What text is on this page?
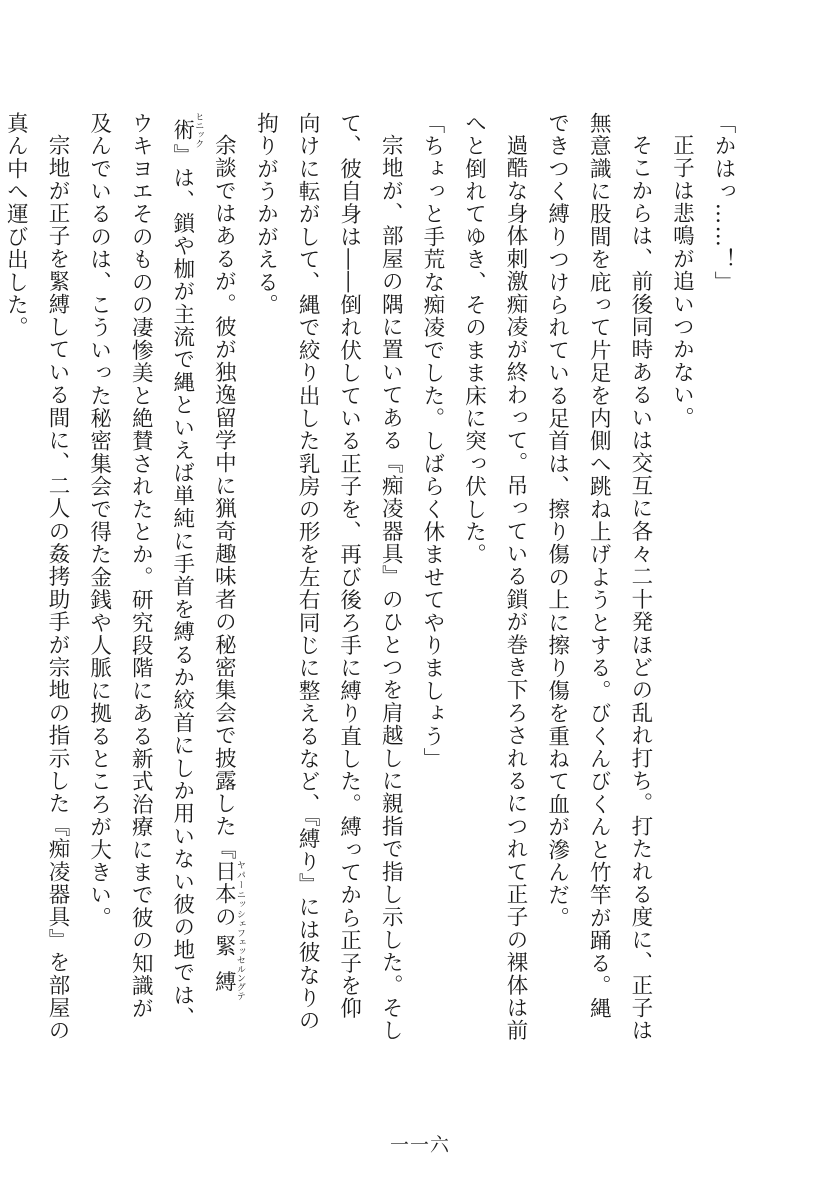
「かはっ……！」

正子は悲鳴が追いつかない。

そこからは、前後同時あるいは交互に各々二十発ほどの乱れ打ち。打たれる度に、正子は無意識に股間を庇って片足を内側へ跳ね上げようとする。びくんびくんと竹竿が踊る。縄できつく縛りつけられている足首は、擦り傷の上に擦り傷を重ねて血が滲んだ。

過酷な身体刺激痴凌が終わって。吊っている鎖が巻き下ろされるにつれて正子の裸体は前へと倒れてゆき、そのまま床に突っ伏した。

「ちょっと手荒な痴凌でした。しばらく休ませてやりましょう」

宗地が、部屋の隅に置いてある『痴凌器具』のひとつを肩越しに親指で指し示した。そして、彼自身は――倒れ伏している正子を、再び後ろ手に縛り直した。縛ってから正子を仰向けに転がして、縄で絞り出した乳房の形を左右同じに整えるなど、『縛り』には彼なりの拘りがうかがえる。

余談ではあるが。彼が独逸留学中に猟奇趣味者の秘密集会で披露した『日本のヤパーニッシェ緊縛術フェッセルングテヒニック』は、鎖や枷が主流で縄といえば単純に手首を縛るか絞首にしか用いない彼の地では、ウキヨエそのものの凄惨美と絶賛されたとか。研究段階にある新式治療にまで彼の知識が及んでいるのは、こういった秘密集会で得た金銭や人脈に拠るところが大きい。

宗地が正子を緊縛している間に、二人の姦拷助手が宗地の指示した『痴凌器具』を部屋の真ん中へ運び出した。

一一六
